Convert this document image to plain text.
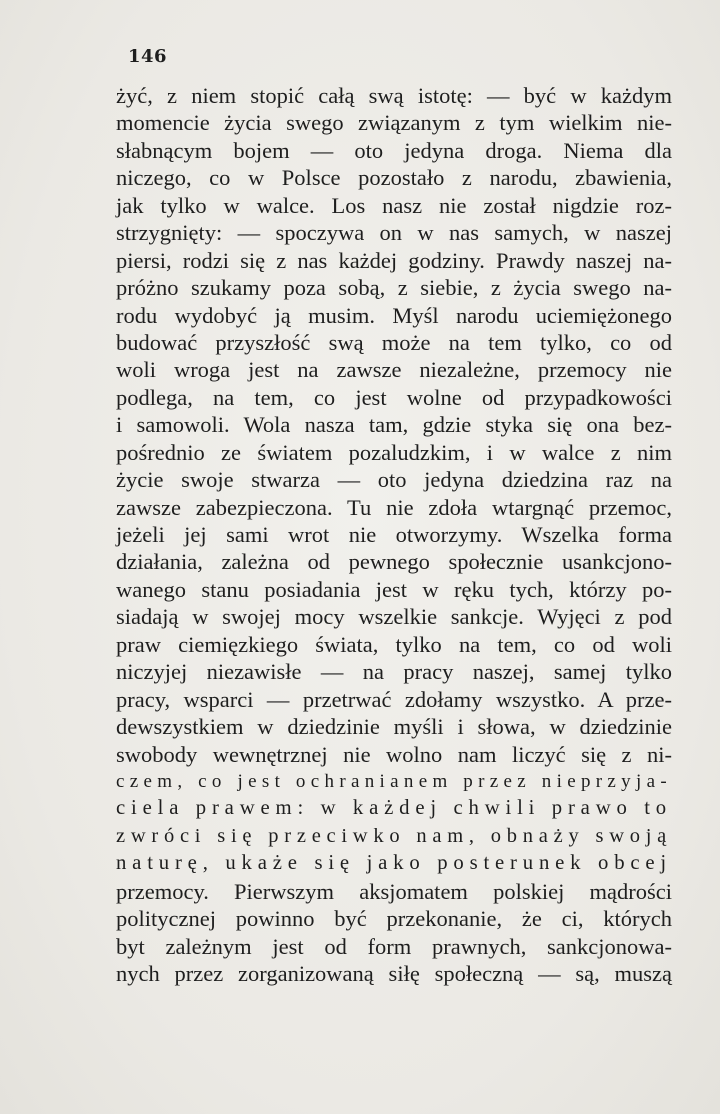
146
żyć, z niem stopić całą swą istotę: — być w każdym
momencie życia swego związanym z tym wielkim nie-
słabnącym bojem — oto jedyna droga. Niema dla
niczego, co w Polsce pozostało z narodu, zbawienia,
jak tylko w walce. Los nasz nie został nigdzie roz-
strzygnięty: — spoczywa on w nas samych, w naszej
piersi, rodzi się z nas każdej godziny. Prawdy naszej na-
próżno szukamy poza sobą, z siebie, z życia swego na-
rodu wydobyć ją musim. Myśl narodu uciemiężonego
budować przyszłość swą może na tem tylko, co od
woli wroga jest na zawsze niezależne, przemocy nie
podlega, na tem, co jest wolne od przypadkowości
i samowoli. Wola nasza tam, gdzie styka się ona bez-
pośrednio ze światem pozaludzkim, i w walce z nim
życie swoje stwarza — oto jedyna dziedzina raz na
zawsze zabezpieczona. Tu nie zdoła wtargnąć przemoc,
jeżeli jej sami wrot nie otworzymy. Wszelka forma
działania, zależna od pewnego społecznie usankcjono-
wanego stanu posiadania jest w ręku tych, którzy po-
siadają w swojej mocy wszelkie sankcje. Wyjęci z pod
praw ciemięzkiego świata, tylko na tem, co od woli
niczyjej niezawisłe — na pracy naszej, samej tylko
pracy, wsparci — przetrwać zdołamy wszystko. A prze-
dewszystkiem w dziedzinie myśli i słowa, w dziedzinie
swobody wewnętrznej nie wolno nam liczyć się z ni-
czem, co jest ochranianem przez nieprzyja-
ciela prawem: w każdej chwili prawo to
zwróci się przeciwko nam, obnaży swoją
naturę, ukaże się jako posterunek obcej
przemocy. Pierwszym aksjomatem polskiej mądrości
politycznej powinno być przekonanie, że ci, których
byt zależnym jest od form prawnych, sankcjonowa-
nych przez zorganizowaną siłę społeczną — są, muszą
